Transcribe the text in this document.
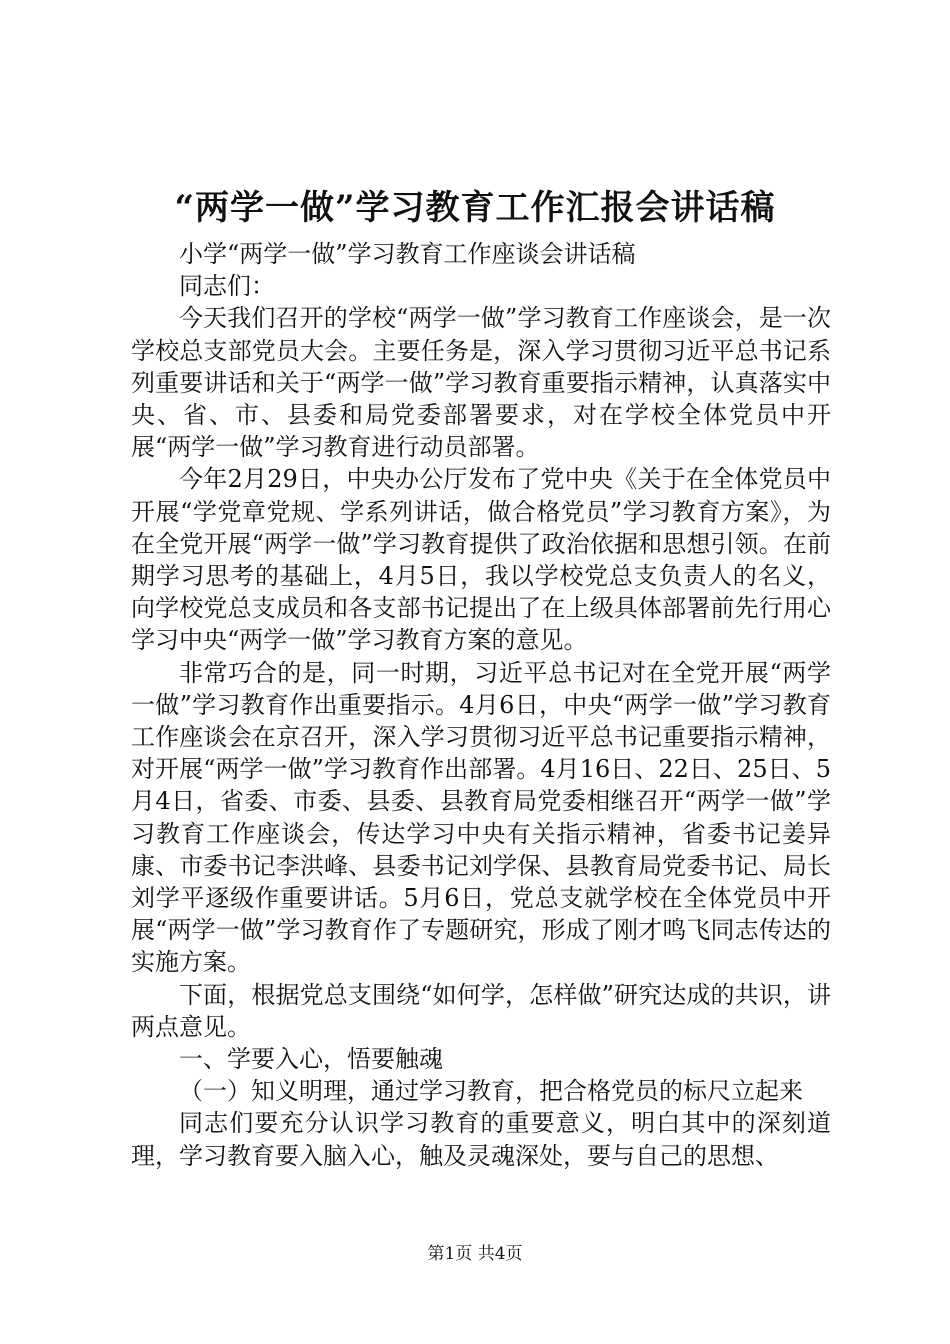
“两学一做”学习教育工作汇报会讲话稿

小学“两学一做”学习教育工作座谈会讲话稿

同志们：

今天我们召开的学校“两学一做”学习教育工作座谈会，是一次学校总支部党员大会。主要任务是，深入学习贯彻习近平总书记系列重要讲话和关于“两学一做”学习教育重要指示精神，认真落实中央、省、市、县委和局党委部署要求，对在学校全体党员中开展“两学一做”学习教育进行动员部署。

今年2月29日，中央办公厅发布了党中央《关于在全体党员中开展“学党章党规、学系列讲话，做合格党员”学习教育方案》，为在全党开展“两学一做”学习教育提供了政治依据和思想引领。在前期学习思考的基础上，4月5日，我以学校党总支负责人的名义，向学校党总支成员和各支部书记提出了在上级具体部署前先行用心学习中央“两学一做”学习教育方案的意见。

非常巧合的是，同一时期，习近平总书记对在全党开展“两学一做”学习教育作出重要指示。4月6日，中央“两学一做”学习教育工作座谈会在京召开，深入学习贯彻习近平总书记重要指示精神，对开展“两学一做”学习教育作出部署。4月16日、22日、25日、5月4日，省委、市委、县委、县教育局党委相继召开“两学一做”学习教育工作座谈会，传达学习中央有关指示精神，省委书记姜异康、市委书记李洪峰、县委书记刘学保、县教育局党委书记、局长刘学平逐级作重要讲话。5月6日，党总支就学校在全体党员中开展“两学一做”学习教育作了专题研究，形成了刚才鸣飞同志传达的实施方案。

下面，根据党总支围绕“如何学，怎样做”研究达成的共识，讲两点意见。

一、学要入心，悟要触魂

（一）知义明理，通过学习教育，把合格党员的标尺立起来

同志们要充分认识学习教育的重要意义，明白其中的深刻道理，学习教育要入脑入心，触及灵魂深处，要与自己的思想、

第1页 共4页
